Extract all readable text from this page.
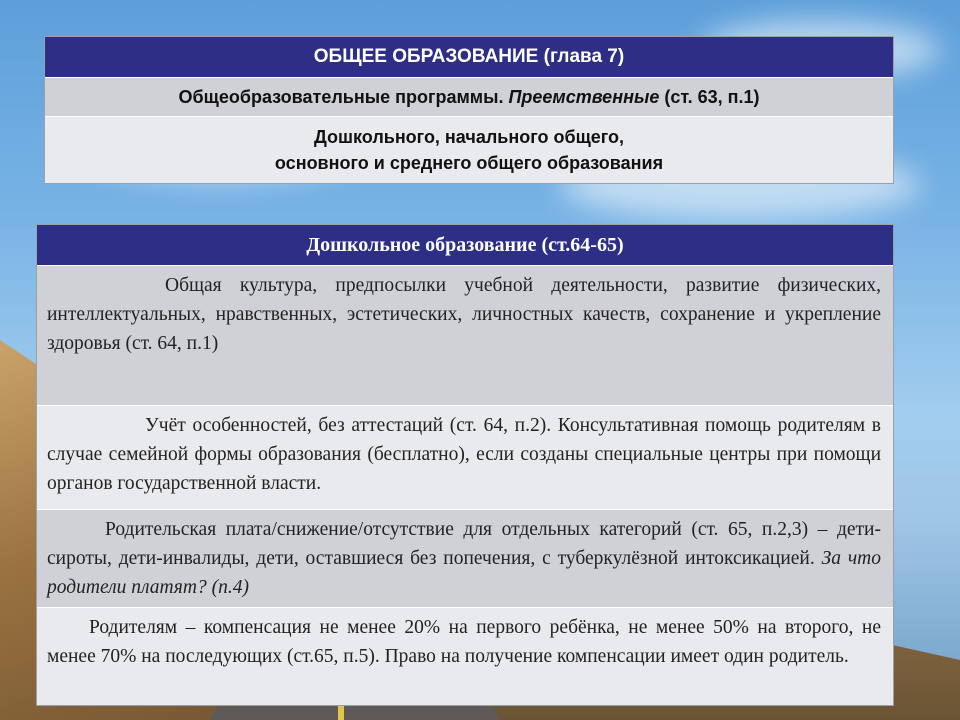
ОБЩЕЕ ОБРАЗОВАНИЕ (глава 7)
Общеобразовательные программы. Преемственные (ст. 63, п.1)
Дошкольного, начального общего,
основного и среднего общего образования
Дошкольное образование (ст.64-65)
Общая культура, предпосылки учебной деятельности, развитие физических, интеллектуальных, нравственных, эстетических, личностных качеств, сохранение и укрепление здоровья (ст. 64, п.1)
Учёт особенностей, без аттестаций (ст. 64, п.2). Консультативная помощь родителям в случае семейной формы образования (бесплатно), если созданы специальные центры при помощи органов государственной власти.
Родительская плата/снижение/отсутствие для отдельных категорий (ст. 65, п.2,3) – дети-сироты, дети-инвалиды, дети, оставшиеся без попечения, с туберкулёзной интоксикацией. За что родители платят? (п.4)
Родителям – компенсация не менее 20% на первого ребёнка, не менее 50% на второго, не менее 70% на последующих (ст.65, п.5). Право на получение компенсации имеет один родитель.
